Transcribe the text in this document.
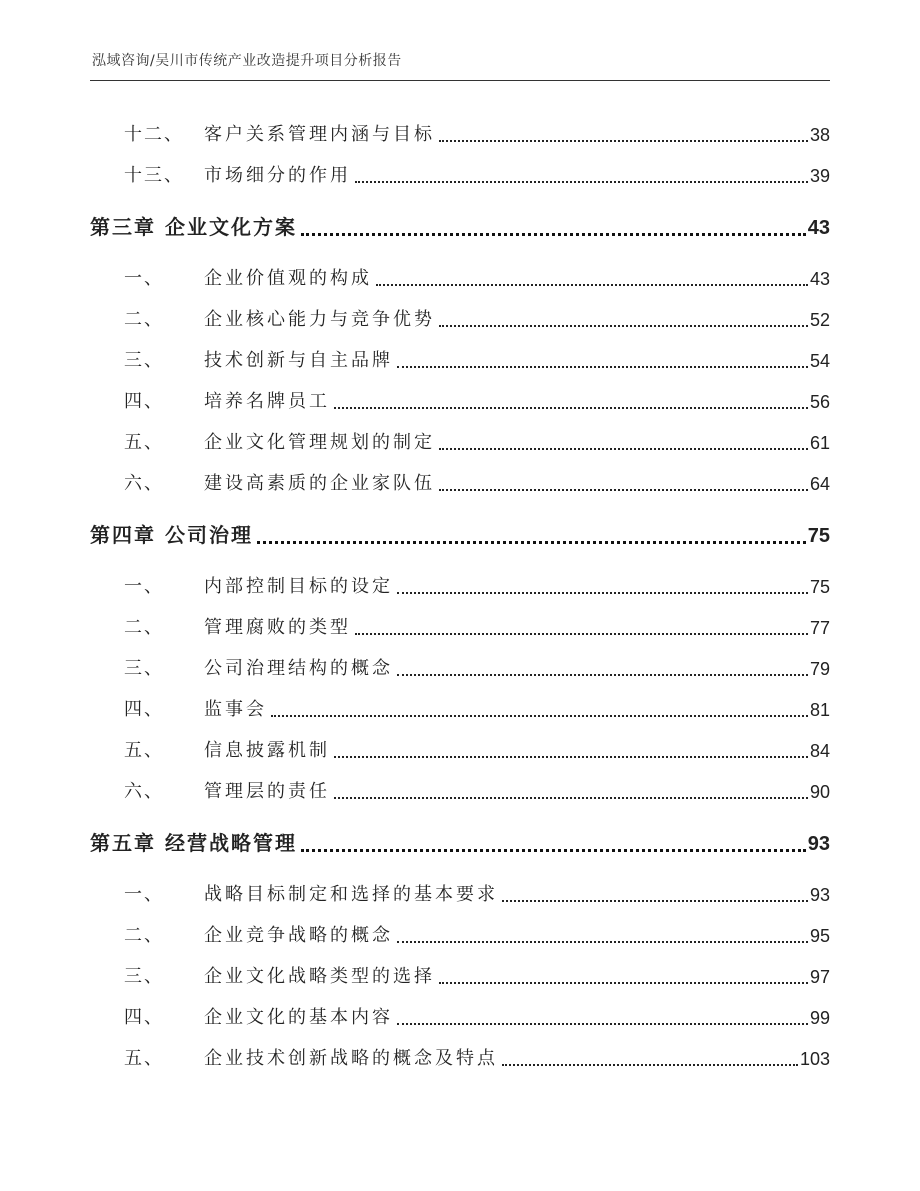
泓域咨询/吴川市传统产业改造提升项目分析报告
十二、	客户关系管理内涵与目标	38
十三、	市场细分的作用	39
第三章 企业文化方案	43
一、	企业价值观的构成	43
二、	企业核心能力与竞争优势	52
三、	技术创新与自主品牌	54
四、	培养名牌员工	56
五、	企业文化管理规划的制定	61
六、	建设高素质的企业家队伍	64
第四章 公司治理	75
一、	内部控制目标的设定	75
二、	管理腐败的类型	77
三、	公司治理结构的概念	79
四、	监事会	81
五、	信息披露机制	84
六、	管理层的责任	90
第五章 经营战略管理	93
一、	战略目标制定和选择的基本要求	93
二、	企业竞争战略的概念	95
三、	企业文化战略类型的选择	97
四、	企业文化的基本内容	99
五、	企业技术创新战略的概念及特点	103
